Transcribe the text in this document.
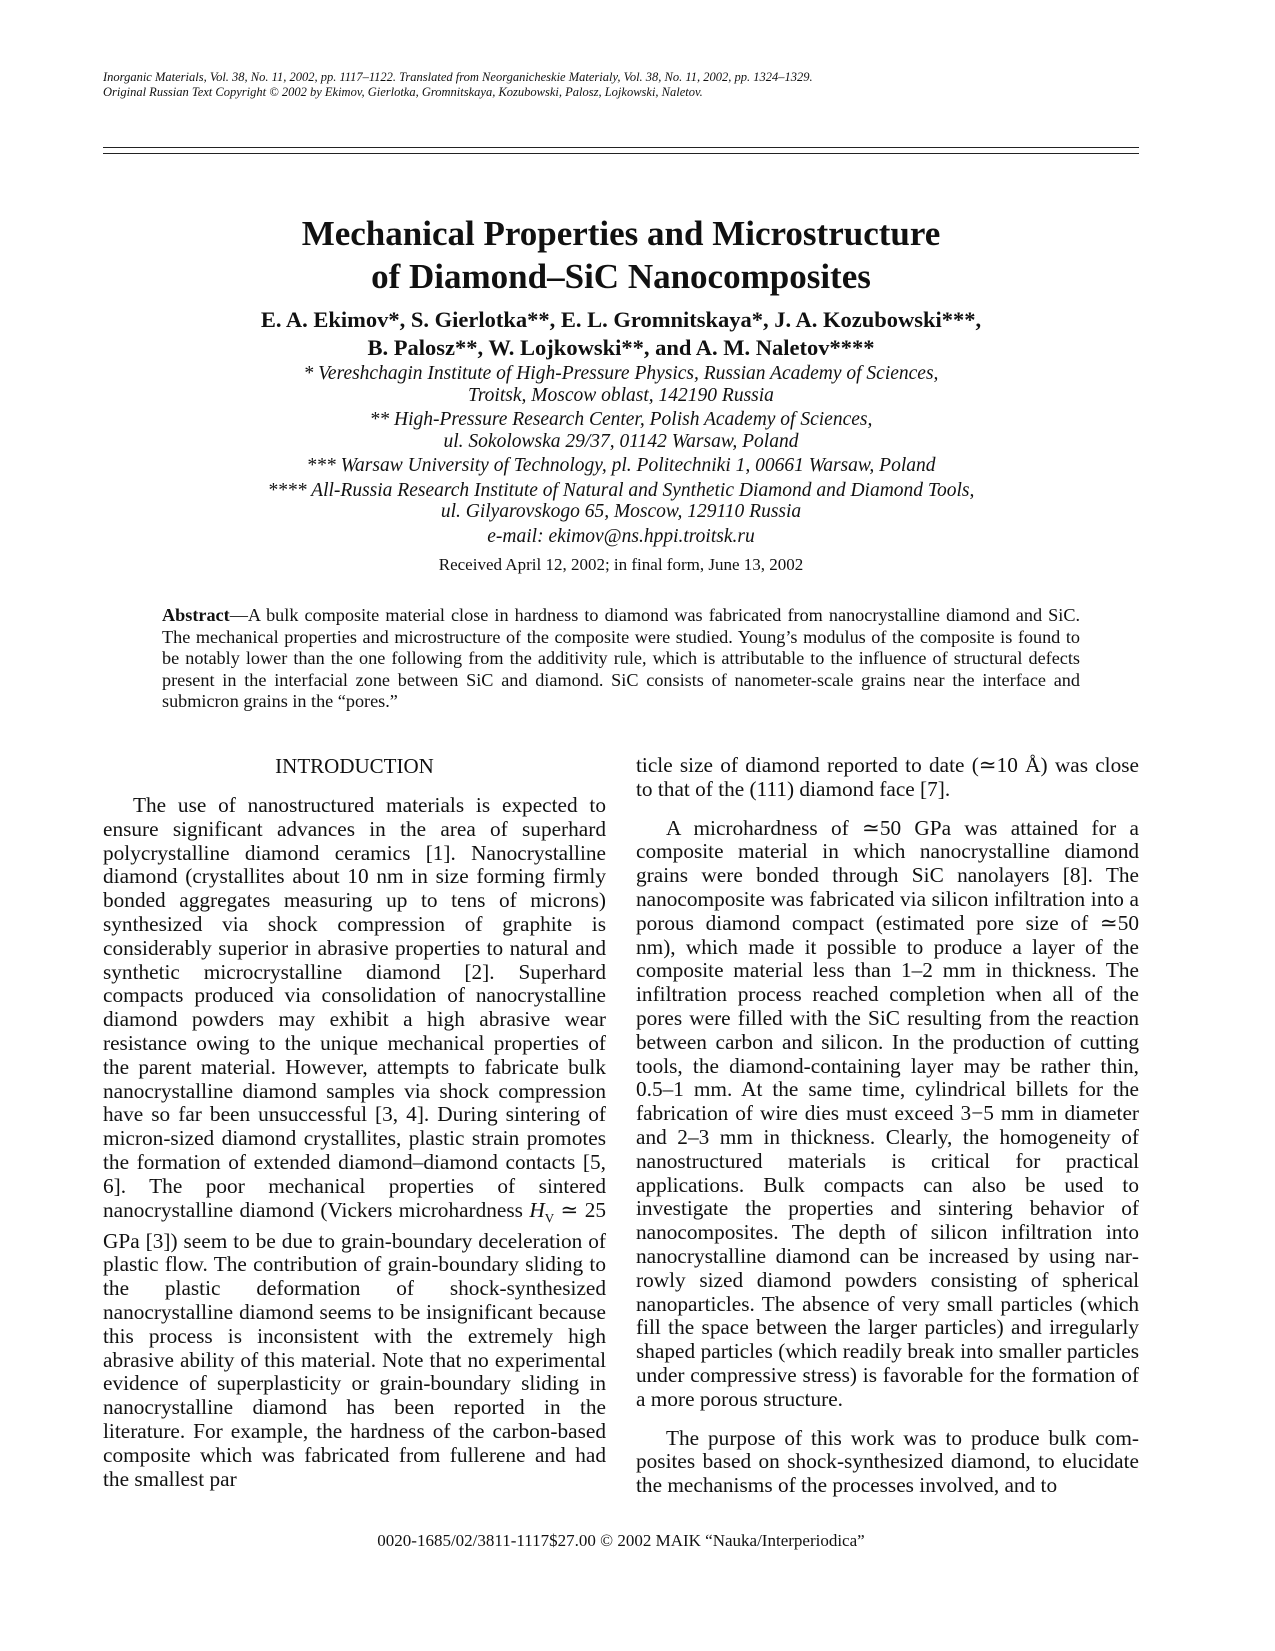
Inorganic Materials, Vol. 38, No. 11, 2002, pp. 1117–1122. Translated from Neorganicheskie Materialy, Vol. 38, No. 11, 2002, pp. 1324–1329.
Original Russian Text Copyright © 2002 by Ekimov, Gierlotka, Gromnitskaya, Kozubowski, Palosz, Lojkowski, Naletov.
Mechanical Properties and Microstructure
of Diamond–SiC Nanocomposites
E. A. Ekimov*, S. Gierlotka**, E. L. Gromnitskaya*, J. A. Kozubowski***,
B. Palosz**, W. Lojkowski**, and A. M. Naletov****
* Vereshchagin Institute of High-Pressure Physics, Russian Academy of Sciences,
Troitsk, Moscow oblast, 142190 Russia
** High-Pressure Research Center, Polish Academy of Sciences,
ul. Sokolowska 29/37, 01142 Warsaw, Poland
*** Warsaw University of Technology, pl. Politechniki 1, 00661 Warsaw, Poland
**** All-Russia Research Institute of Natural and Synthetic Diamond and Diamond Tools,
ul. Gilyarovskogo 65, Moscow, 129110 Russia
e-mail: ekimov@ns.hppi.troitsk.ru
Received April 12, 2002; in final form, June 13, 2002
Abstract—A bulk composite material close in hardness to diamond was fabricated from nanocrystalline diamond and SiC. The mechanical properties and microstructure of the composite were studied. Young’s modulus of the composite is found to be notably lower than the one following from the additivity rule, which is attributable to the influence of structural defects present in the interfacial zone between SiC and diamond. SiC consists of nanometer-scale grains near the interface and submicron grains in the “pores.”
INTRODUCTION

The use of nanostructured materials is expected to ensure significant advances in the area of superhard polycrystalline diamond ceramics [1]. Nanocrystalline diamond (crystallites about 10 nm in size forming firmly bonded aggregates measuring up to tens of microns) synthesized via shock compression of graphite is considerably superior in abrasive properties to natural and synthetic microcrystalline diamond [2]. Superhard compacts produced via consolidation of nanocrystalline diamond powders may exhibit a high abrasive wear resistance owing to the unique mechanical properties of the parent material. However, attempts to fabricate bulk nanocrystalline diamond samples via shock compression have so far been unsuccessful [3, 4]. During sintering of micron-sized diamond crystallites, plastic strain promotes the formation of extended diamond–diamond contacts [5, 6]. The poor mechanical properties of sintered nanocrystalline diamond (Vickers microhardness $H_V$ ≃ 25 GPa [3]) seem to be due to grain-boundary deceleration of plastic flow. The contribution of grain-boundary sliding to the plastic deformation of shock-synthesized nanocrystalline diamond seems to be insignificant because this process is inconsistent with the extremely high abrasive ability of this material. Note that no experimental evidence of superplasticity or grain-boundary sliding in nanocrystalline diamond has been reported in the literature. For example, the hardness of the carbon-based composite which was fabricated from fullerene and had the smallest par

ticle size of diamond reported to date (≃10 Å) was close to that of the (111) diamond face [7].

A microhardness of ≃50 GPa was attained for a composite material in which nanocrystalline diamond grains were bonded through SiC nanolayers [8]. The nanocomposite was fabricated via silicon infiltration into a porous diamond compact (estimated pore size of ≃50 nm), which made it possible to produce a layer of the composite material less than 1–2 mm in thickness. The infiltration process reached completion when all of the pores were filled with the SiC resulting from the reaction between carbon and silicon. In the production of cutting tools, the diamond-containing layer may be rather thin, 0.5–1 mm. At the same time, cylindrical billets for the fabrication of wire dies must exceed 3−5 mm in diameter and 2–3 mm in thickness. Clearly, the homogeneity of nanostructured materials is critical for practical applications. Bulk compacts can also be used to investigate the properties and sintering behavior of nanocomposites. The depth of silicon infiltration into nanocrystalline diamond can be increased by using narrowly sized diamond powders consisting of spherical nanoparticles. The absence of very small particles (which fill the space between the larger particles) and irregularly shaped particles (which readily break into smaller particles under compressive stress) is favorable for the formation of a more porous structure.

The purpose of this work was to produce bulk composites based on shock-synthesized diamond, to elucidate the mechanisms of the processes involved, and to

0020-1685/02/3811-1117$27.00 © 2002 MAIK “Nauka/Interperiodica”
